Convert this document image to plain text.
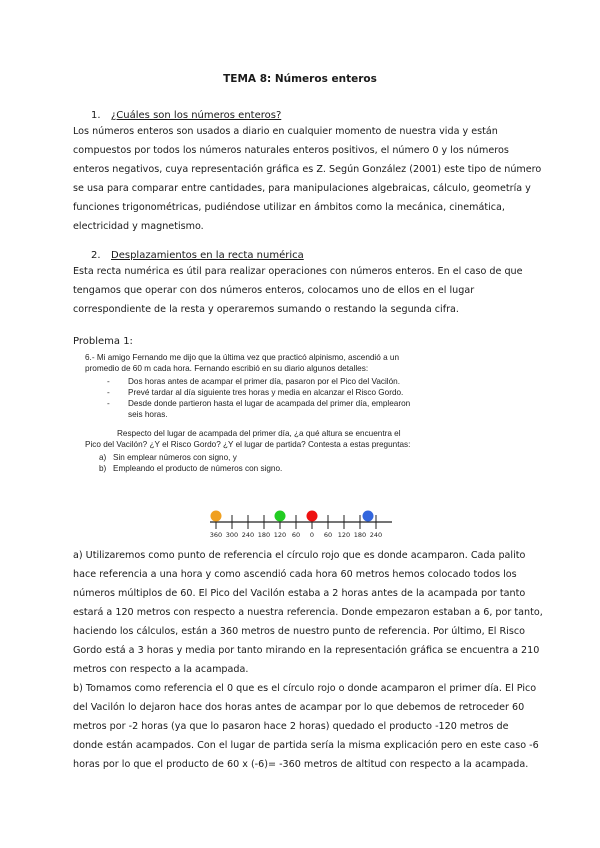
TEMA 8: Números enteros
1. ¿Cuáles son los números enteros?

Los números enteros son usados a diario en cualquier momento de nuestra vida y están
compuestos por todos los números naturales enteros positivos, el número 0 y los números
enteros negativos, cuya representación gráfica es Z. Según González (2001) este tipo de número
se usa para comparar entre cantidades, para manipulaciones algebraicas, cálculo, geometría y
funciones trigonométricas, pudiéndose utilizar en ámbitos como la mecánica, cinemática,
electricidad y magnetismo.

2. Desplazamientos en la recta numérica

Esta recta numérica es útil para realizar operaciones con números enteros. En el caso de que
tengamos que operar con dos números enteros, colocamos uno de ellos en el lugar
correspondiente de la resta y operaremos sumando o restando la segunda cifra.

Problema 1:

6.- Mi amigo Fernando me dijo que la última vez que practicó alpinismo, ascendió a un

promedio de 60 m cada hora. Fernando escribió en su diario algunos detalles:

- Dos horas antes de acampar el primer día, pasaron por el Pico del Vacilón.
- Prevé tardar al día siguiente tres horas y media en alcanzar el Risco Gordo.
- Desde donde partieron hasta el lugar de acampada del primer día, emplearon
seis horas.

Respecto del lugar de acampada del primer día, ¿a qué altura se encuentra el

Pico del Vacilón? ¿Y el Risco Gordo? ¿Y el lugar de partida? Contesta a estas preguntas:

a) Sin emplear números con signo, y
b) Empleando el producto de números con signo.
360 300 240 180 120 60 0 60 120 180 240

a) Utilizaremos como punto de referencia el círculo rojo que es donde acamparon. Cada palito
hace referencia a una hora y como ascendió cada hora 60 metros hemos colocado todos los
números múltiplos de 60. El Pico del Vacilón estaba a 2 horas antes de la acampada por tanto
estará a 120 metros con respecto a nuestra referencia. Donde empezaron estaban a 6, por tanto,
haciendo los cálculos, están a 360 metros de nuestro punto de referencia. Por último, El Risco
Gordo está a 3 horas y media por tanto mirando en la representación gráfica se encuentra a 210
metros con respecto a la acampada.
b) Tomamos como referencia el 0 que es el círculo rojo o donde acamparon el primer día. El Pico
del Vacilón lo dejaron hace dos horas antes de acampar por lo que debemos de retroceder 60
metros por -2 horas (ya que lo pasaron hace 2 horas) quedado el producto -120 metros de
donde están acampados. Con el lugar de partida sería la misma explicación pero en este caso -6
horas por lo que el producto de 60 x (-6)= -360 metros de altitud con respecto a la acampada.
